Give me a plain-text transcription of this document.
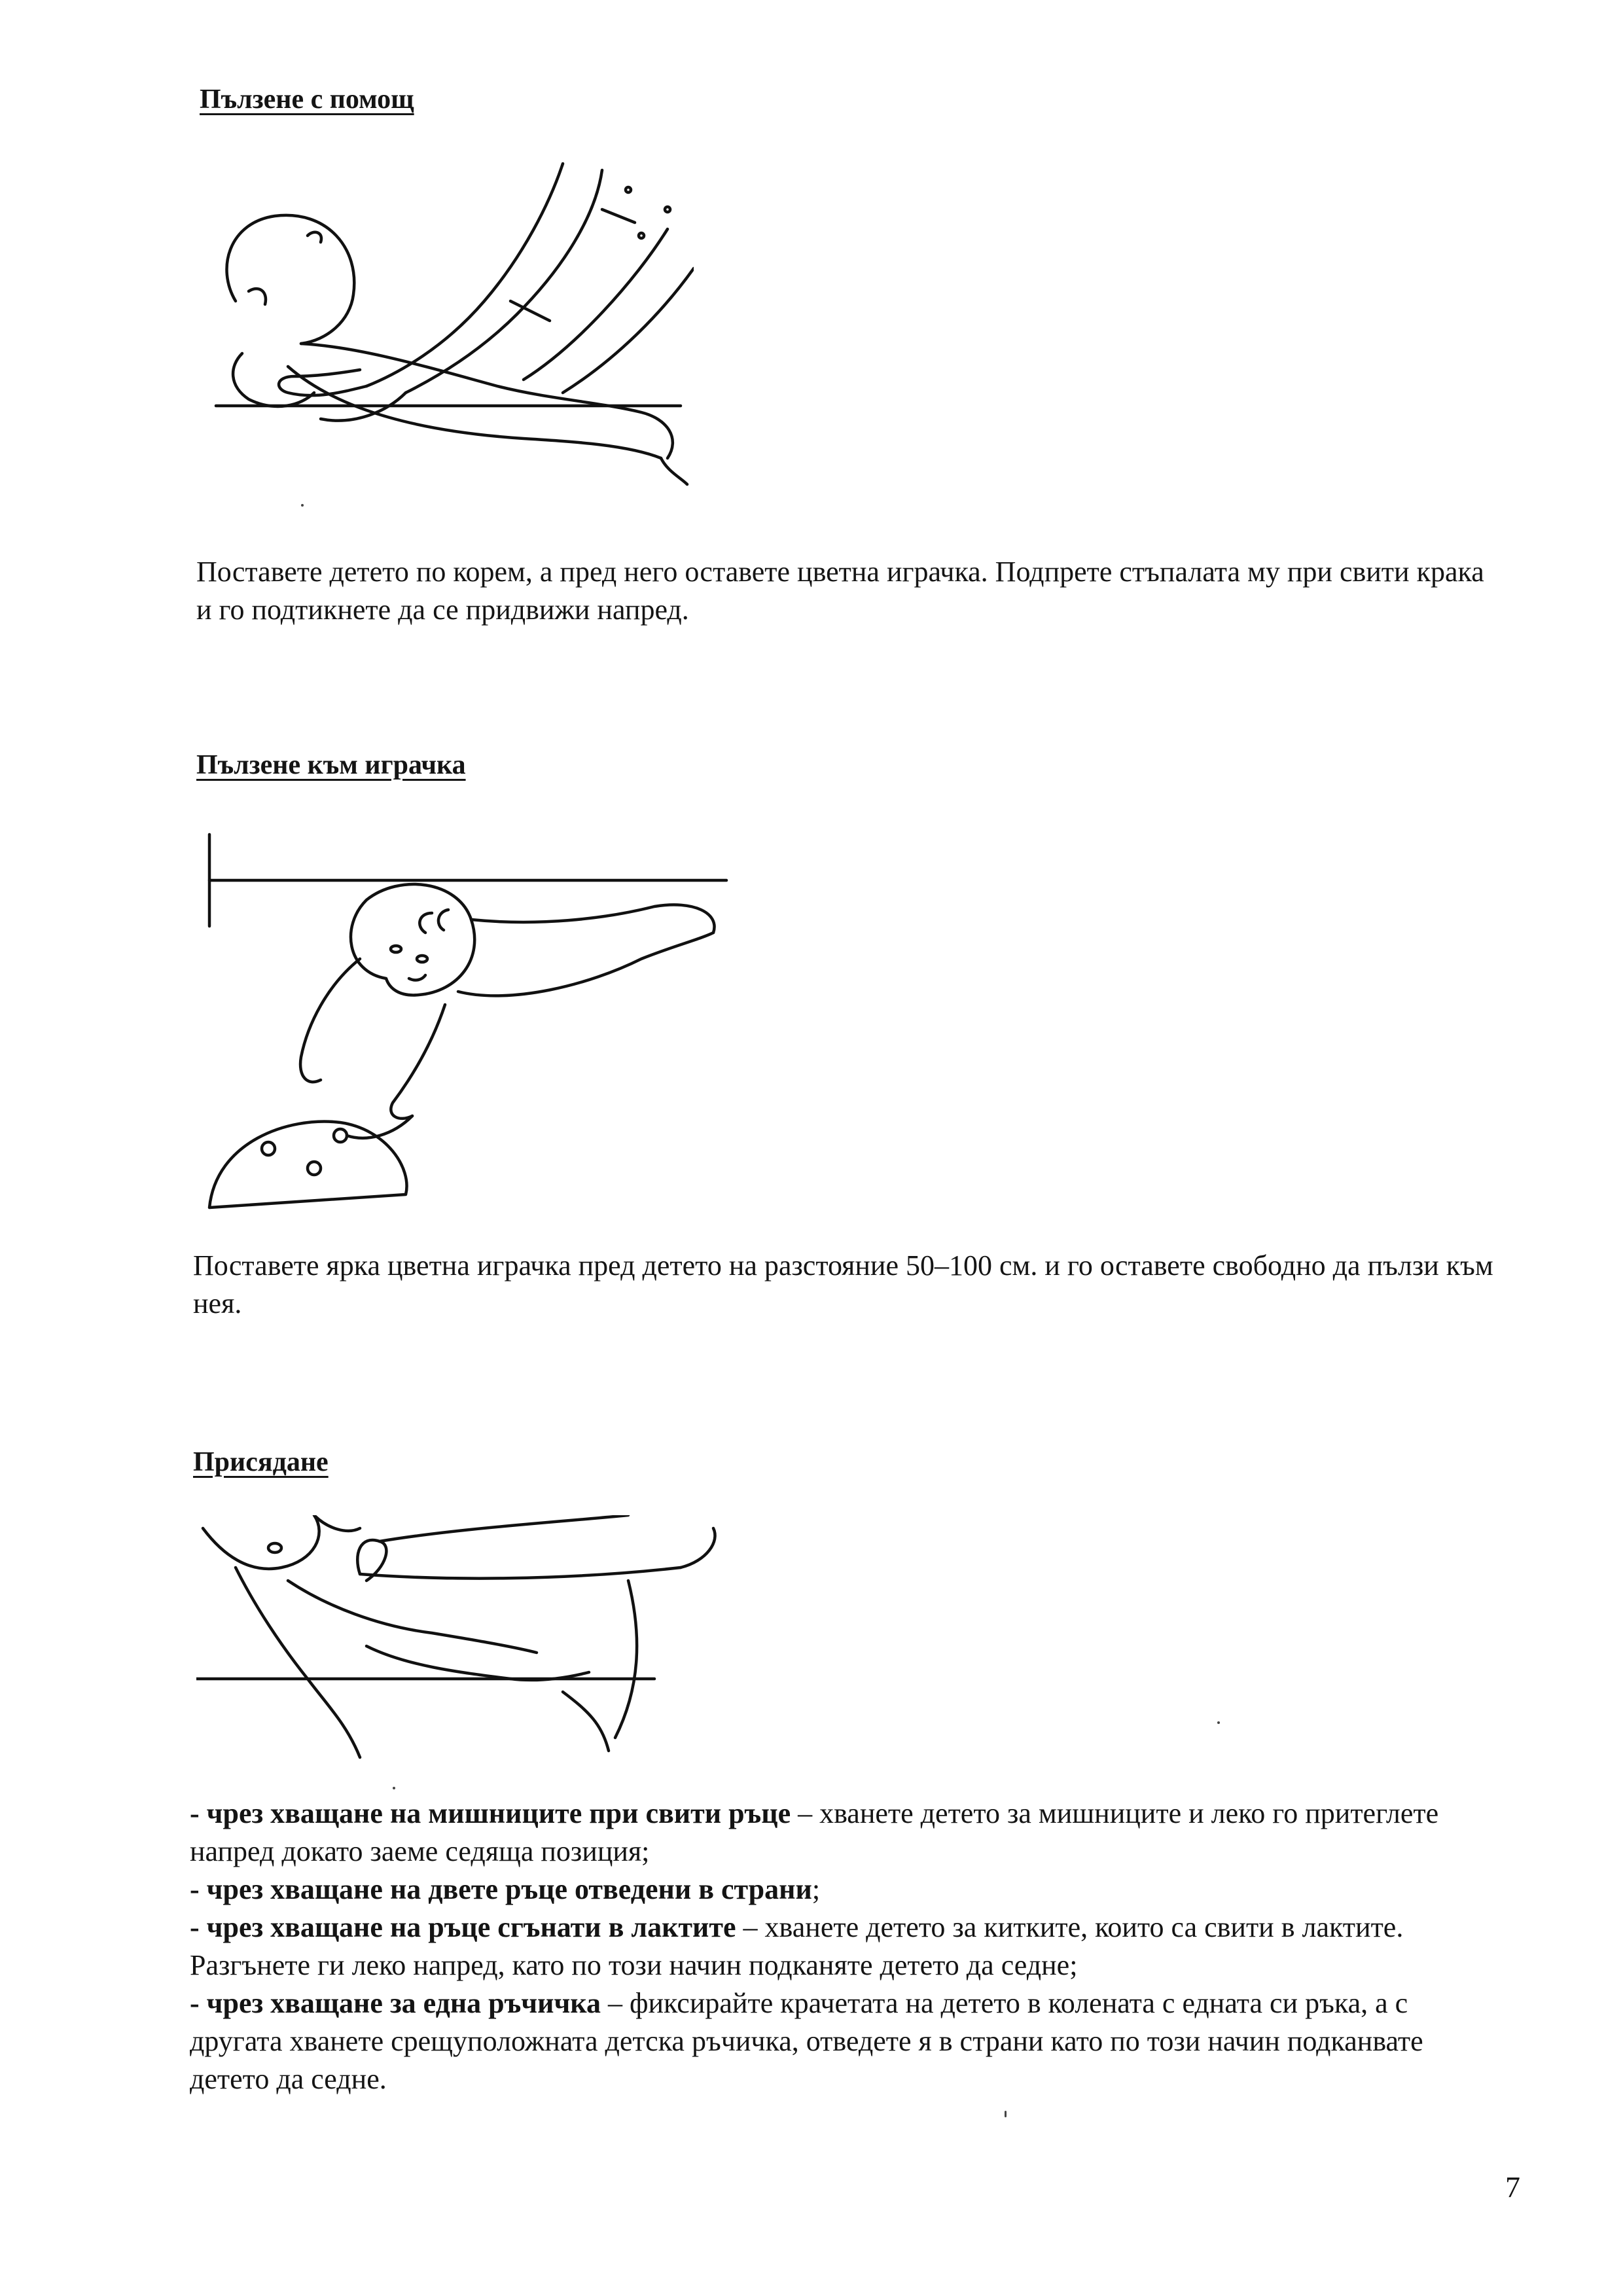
Пълзене с помощ

Поставете детето по корем, а пред него оставете цветна играчка. Подпрете стъпалата му при свити крака и го подтикнете да се придвижи напред.

Пълзене към играчка

Поставете ярка цветна играчка пред детето на разстояние 50–100 см. и го оставете свободно да пълзи към нея.

Присядане
- чрез хващане на мишниците при свити ръце – хванете детето за мишниците и леко го притеглете напред докато заеме седяща позиция;
- чрез хващане на двете ръце отведени в страни;
- чрез хващане на ръце сгънати в лактите – хванете детето за китките, които са свити в лактите. Разгънете ги леко напред, като по този начин подканяте детето да седне;
- чрез хващане за една ръчичка – фиксирайте крачетата на детето в колената с едната си ръка, а с другата хванете срещуположната детска ръчичка, отведете я в страни като по този начин подканвате детето да седне.
7
